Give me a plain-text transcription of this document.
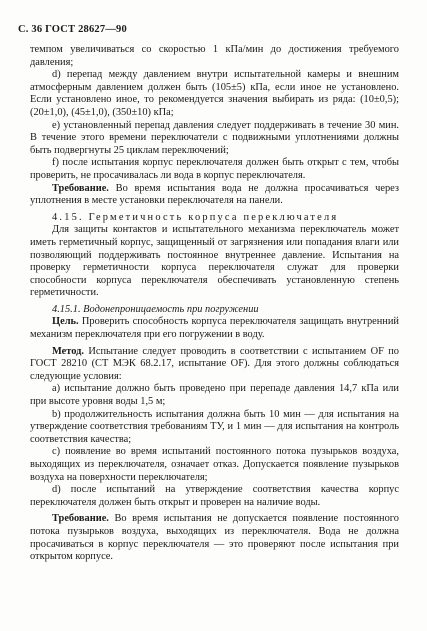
С. 36 ГОСТ 28627—90

темпом увеличиваться со скоростью 1 кПа/мин до достижения требуемого давления;

d) перепад между давлением внутри испытательной камеры и внешним атмосферным давлением должен быть (105±5) кПа, если иное не установлено. Если установлено иное, то рекомендуется значения выбирать из ряда: (10±0,5); (20±1,0), (45±1,0), (350±10) кПа;

е) установленный перепад давления следует поддерживать в течение 30 мин. В течение этого времени переключатели с подвижными уплотнениями должны быть подвергнуты 25 циклам переключений;

f) после испытания корпус переключателя должен быть открыт с тем, чтобы проверить, не просачивалась ли вода в корпус переключателя.

Требование. Во время испытания вода не должна просачиваться через уплотнения в месте установки переключателя на панели.

4.15. Герметичность корпуса переключателя

Для защиты контактов и испытательного механизма переключатель может иметь герметичный корпус, защищенный от загрязнения или попадания влаги или позволяющий поддерживать постоянное внутреннее давление. Испытания на проверку герметичности корпуса переключателя служат для проверки способности корпуса переключателя обеспечивать установленную степень герметичности.

4.15.1. Водонепроницаемость при погружении

Цель. Проверить способность корпуса переключателя защищать внутренний механизм переключателя при его погружении в воду.

Метод. Испытание следует проводить в соответствии с испытанием OF по ГОСТ 28210 (СТ МЭК 68.2.17, испытание OF). Для этого должны соблюдаться следующие условия:

а) испытание должно быть проведено при перепаде давления 14,7 кПа или при высоте уровня воды 1,5 м;

b) продолжительность испытания должна быть 10 мин — для испытания на утверждение соответствия требованиям ТУ, и 1 мин — для испытания на контроль соответствия качества;

c) появление во время испытаний постоянного потока пузырьков воздуха, выходящих из переключателя, означает отказ. Допускается появление пузырьков воздуха на поверхности переключателя;

d) после испытаний на утверждение соответствия качества корпус переключателя должен быть открыт и проверен на наличие воды.

Требование. Во время испытания не допускается появление постоянного потока пузырьков воздуха, выходящих из переключателя. Вода не должна просачиваться в корпус переключателя — это проверяют после испытания при открытом корпусе.
